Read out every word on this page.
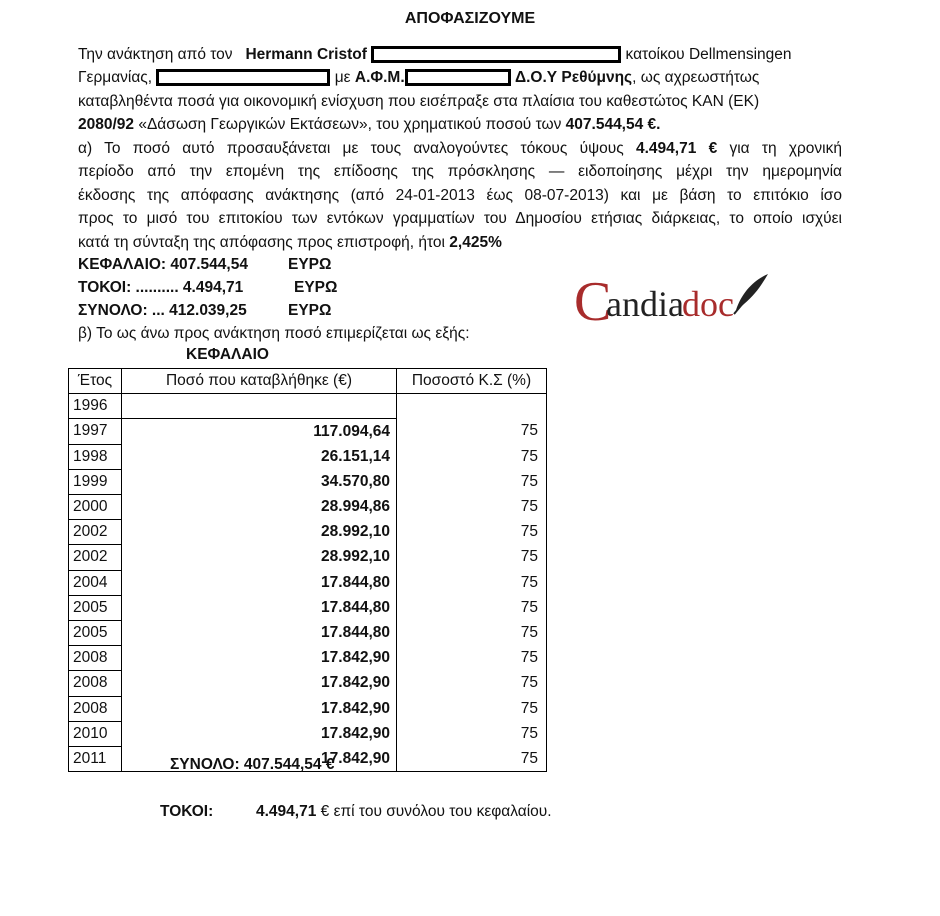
ΑΠΟΦΑΣΙΖΟΥΜΕ
Την ανάκτηση από τον Hermann Cristof	κατοίκου Dellmensingen
Γερμανίας,	με Α.Φ.Μ.	Δ.Ο.Υ Ρεθύμνης, ως αχρεωστήτως
καταβληθέντα ποσά για οικονομική ενίσχυση που εισέπραξε στα πλαίσια του καθεστώτος ΚΑΝ (ΕΚ)
2080/92 «Δάσωση Γεωργικών Εκτάσεων», του χρηματικού ποσού των 407.544,54 €.
α) Το ποσό αυτό προσαυξάνεται με τους αναλογούντες τόκους ύψους 4.494,71 € για τη χρονική
περίοδο από την επομένη της επίδοσης της πρόσκλησης — ειδοποίησης μέχρι την ημερομηνία
έκδοσης της απόφασης ανάκτησης (από 24-01-2013 έως 08-07-2013) και με βάση το επιτόκιο ίσο
προς το μισό του επιτοκίου των εντόκων γραμματίων του Δημοσίου ετήσιας διάρκειας, το οποίο ισχύει
κατά τη σύνταξη της απόφασης προς επιστροφή, ήτοι 2,425%
ΚΕΦΑΛΑΙΟ: 407.544,54	ΕΥΡΩ
ΤΟΚΟΙ: .......... 4.494,71	ΕΥΡΩ
ΣΥΝΟΛΟ: ... 412.039,25	ΕΥΡΩ	C
andia
doc
β) Το ως άνω προς ανάκτηση ποσό επιμερίζεται ως εξής:
ΚΕΦΑΛΑΙΟ
Έτος	Ποσό που καταβλήθηκε (€)	Ποσοστό Κ.Σ (%)
1996		
1997	117.094,64	75
1998	26.151,14	75
1999	34.570,80	75
2000	28.994,86	75
2002	28.992,10	75
2002	28.992,10	75
2004	17.844,80	75
2005	17.844,80	75
2005	17.844,80	75
2008	17.842,90	75
2008	17.842,90	75
2008	17.842,90	75
2010	17.842,90	75
2011	17.842,90	75
ΣΥΝΟΛΟ: 407.544,54 €
ΤΟΚΟΙ:	4.494,71 € επί του συνόλου του κεφαλαίου.
